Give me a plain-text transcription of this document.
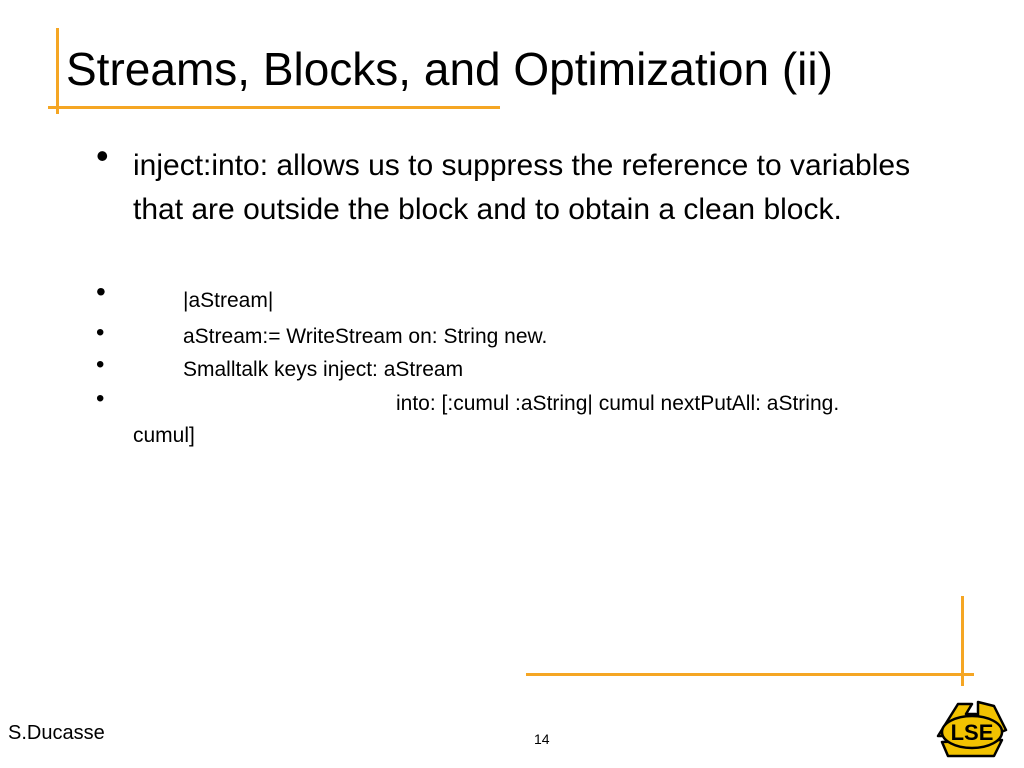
Streams, Blocks, and Optimization (ii)
• inject:into: allows us to suppress the reference to variables that are outside the block and to obtain a clean block.

•	|aStream|

•	aStream:= WriteStream on: String new.

•	Smalltalk keys inject: aStream

•	into: [:cumul :aString| cumul nextPutAll: aString.

cumul]

S.Ducasse	14	LSE
